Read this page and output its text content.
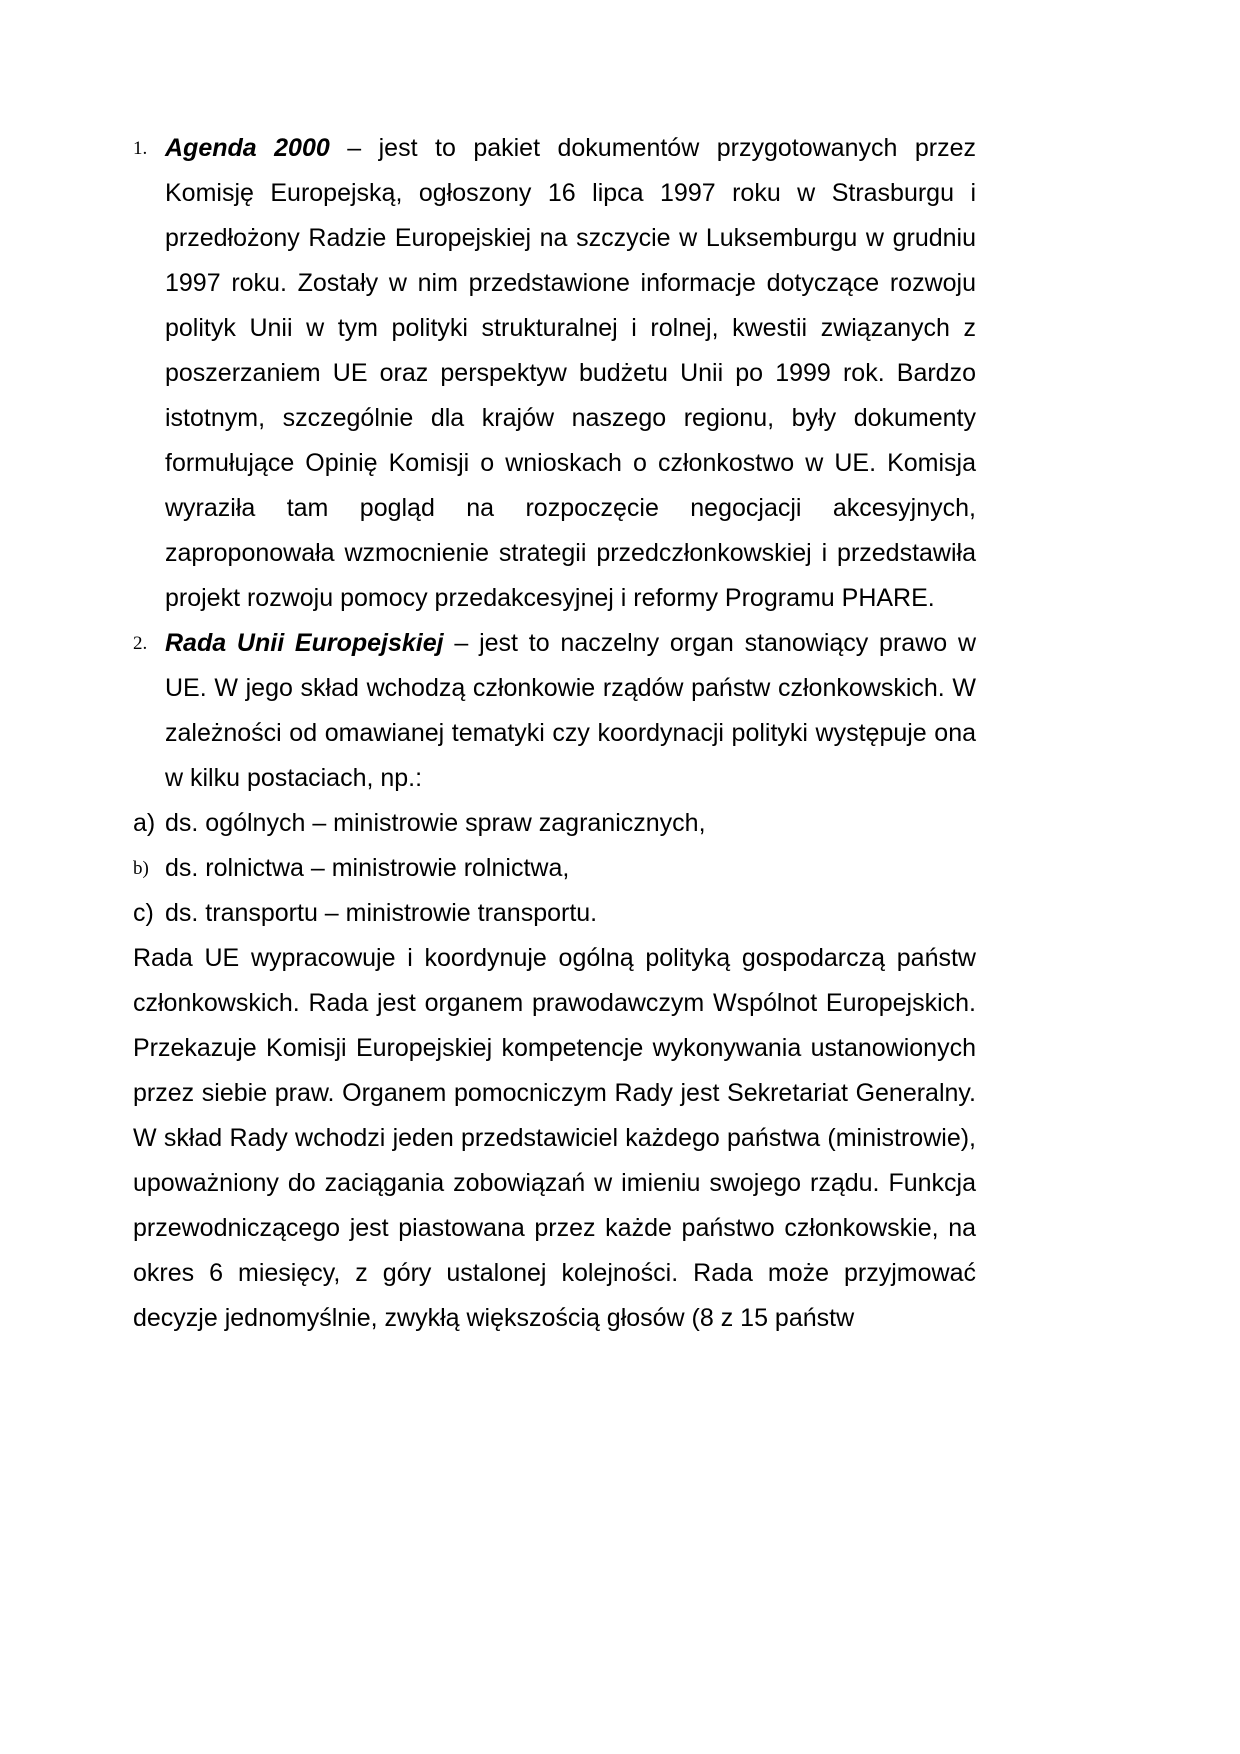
1. Agenda 2000 – jest to pakiet dokumentów przygotowanych przez Komisję Europejską, ogłoszony 16 lipca 1997 roku w Strasburgu i przedłożony Radzie Europejskiej na szczycie w Luksemburgu w grudniu 1997 roku. Zostały w nim przedstawione informacje dotyczące rozwoju polityk Unii w tym polityki strukturalnej i rolnej, kwestii związanych z poszerzaniem UE oraz perspektyw budżetu Unii po 1999 rok. Bardzo istotnym, szczególnie dla krajów naszego regionu, były dokumenty formułujące Opinię Komisji o wnioskach o członkostwo w UE. Komisja wyraziła tam pogląd na rozpoczęcie negocjacji akcesyjnych, zaproponowała wzmocnienie strategii przedczłonkowskiej i przedstawiła projekt rozwoju pomocy przedakcesyjnej i reformy Programu PHARE.

2. Rada Unii Europejskiej – jest to naczelny organ stanowiący prawo w UE. W jego skład wchodzą członkowie rządów państw członkowskich. W zależności od omawianej tematyki czy koordynacji polityki występuje ona w kilku postaciach, np.:

a) ds. ogólnych – ministrowie spraw zagranicznych,
b) ds. rolnictwa – ministrowie rolnictwa,
c) ds. transportu – ministrowie transportu.

Rada UE wypracowuje i koordynuje ogólną polityką gospodarczą państw członkowskich. Rada jest organem prawodawczym Wspólnot Europejskich. Przekazuje Komisji Europejskiej kompetencje wykonywania ustanowionych przez siebie praw. Organem pomocniczym Rady jest Sekretariat Generalny. W skład Rady wchodzi jeden przedstawiciel każdego państwa (ministrowie), upoważniony do zaciągania zobowiązań w imieniu swojego rządu. Funkcja przewodniczącego jest piastowana przez każde państwo członkowskie, na okres 6 miesięcy, z góry ustalonej kolejności. Rada może przyjmować decyzje jednomyślnie, zwykłą większością głosów (8 z 15 państw
